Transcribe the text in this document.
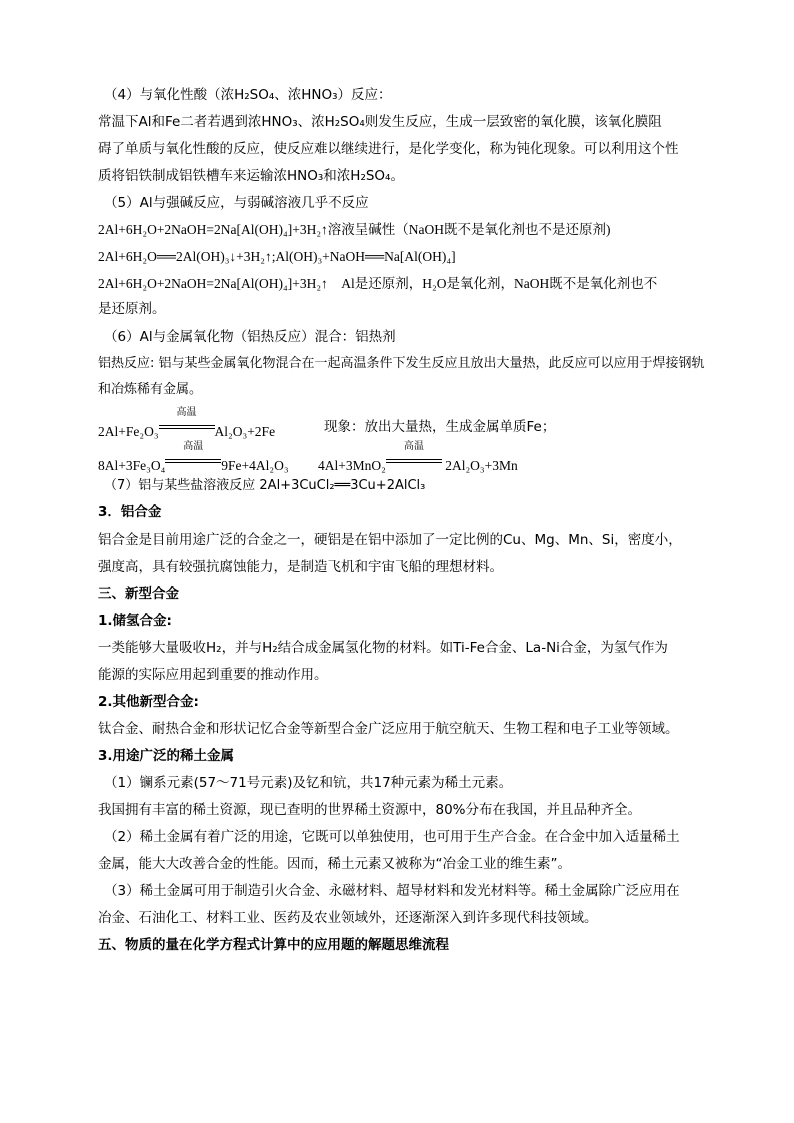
（4）与氧化性酸（浓H₂SO₄、浓HNO₃）反应：
常温下Al和Fe二者若遇到浓HNO₃、浓H₂SO₄则发生反应，生成一层致密的氧化膜，该氧化膜阻
碍了单质与氧化性酸的反应，使反应难以继续进行，是化学变化，称为钝化现象。可以利用这个性
质将铝铁制成铝铁槽车来运输浓HNO₃和浓H₂SO₄。
（5）Al与强碱反应，与弱碱溶液几乎不反应
2Al+6H₂O+2NaOH=2Na[Al(OH)₄]+3H₂↑溶液呈碱性（NaOH既不是氧化剂也不是还原剂)
2Al+6H₂O══2Al(OH)₃↓+3H₂↑;Al(OH)₃+NaOH══Na[Al(OH)₄]
2Al+6H₂O+2NaOH=2Na[Al(OH)₄]+3H₂↑　Al是还原剂，H₂O是氧化剂，NaOH既不是氧化剂也不
是还原剂。
（6）Al与金属氧化物（铝热反应）混合：铝热剂
铝热反应: 铝与某些金属氧化物混合在一起高温条件下发生反应且放出大量热，此反应可以应用于焊接钢轨
和冶炼稀有金属。
2Al+Fe₂O₃
高温
Al₂O₃+2Fe	现象：放出大量热，生成金属单质Fe；
8Al+3Fe₃O₄
高温
9Fe+4Al₂O₃ 4Al+3MnO₂
高温
2Al₂O₃+3Mn
（7）铝与某些盐溶液反应 2Al+3CuCl₂══3Cu+2AlCl₃
3．铝合金
铝合金是目前用途广泛的合金之一，硬铝是在铝中添加了一定比例的Cu、Mg、Mn、Si，密度小，
强度高，具有较强抗腐蚀能力，是制造飞机和宇宙飞船的理想材料。
三、新型合金
1.储氢合金:
一类能够大量吸收H₂，并与H₂结合成金属氢化物的材料。如Ti-Fe合金、La-Ni合金，为氢气作为
能源的实际应用起到重要的推动作用。
2.其他新型合金:
钛合金、耐热合金和形状记忆合金等新型合金广泛应用于航空航天、生物工程和电子工业等领域。
3.用途广泛的稀土金属
（1）镧系元素(57～71号元素)及钇和钪，共17种元素为稀土元素。
我国拥有丰富的稀土资源，现已查明的世界稀土资源中，80%分布在我国，并且品种齐全。
（2）稀土金属有着广泛的用途，它既可以单独使用，也可用于生产合金。在合金中加入适量稀土
金属，能大大改善合金的性能。因而，稀土元素又被称为“冶金工业的维生素”。
（3）稀土金属可用于制造引火合金、永磁材料、超导材料和发光材料等。稀土金属除广泛应用在
冶金、石油化工、材料工业、医药及农业领域外，还逐渐深入到许多现代科技领域。
五、物质的量在化学方程式计算中的应用题的解题思维流程
